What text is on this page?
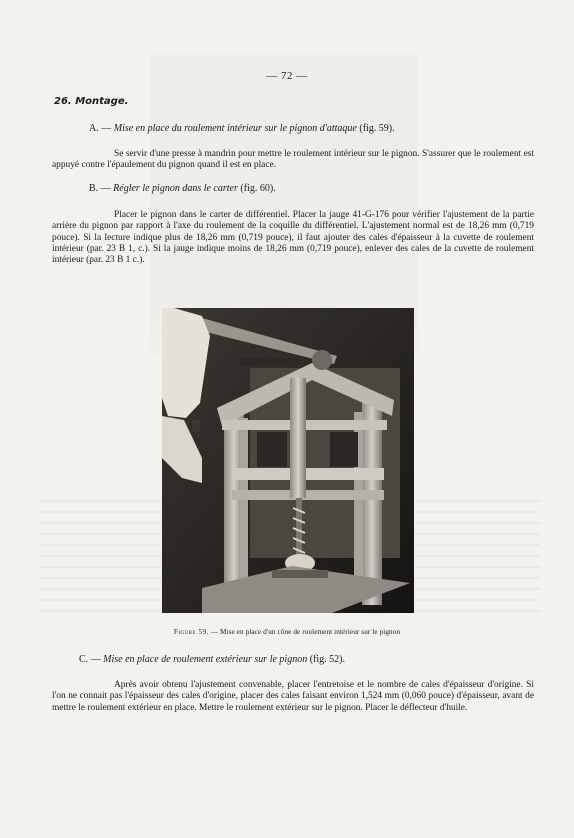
— 72 —
26. Montage.
A. — Mise en place du roulement intérieur sur le pignon d'attaque (fig. 59).
Se servir d'une presse à mandrin pour mettre le roulement intérieur sur le pignon. S'assurer que le roulement est appuyé contre l'épaulement du pignon quand il est en place.
B. — Régler le pignon dans le carter (fig. 60).
Placer le pignon dans le carter de différentiel. Placer la jauge 41-G-176 pour vérifier l'ajustement de la partie arrière du pignon par rapport à l'axe du roulement de la coquille du différentiel. L'ajustement normal est de 18,26 mm (0,719 pouce). Si la lecture indique plus de 18,26 mm (0,719 pouce), il faut ajouter des cales d'épaisseur à la cuvette de roulement intérieur (par. 23 B 1, c.). Si la jauge indique moins de 18,26 mm (0,719 pouce), enlever des cales de la cuvette de roulement intérieur (par. 23 B 1 c.).
Figure 59. — Mise en place d'un cône de roulement intérieur sur le pignon
C. — Mise en place de roulement extérieur sur le pignon (fig. 52).
Après avoir obtenu l'ajustement convenable, placer l'entretoise et le nombre de cales d'épaisseur d'origine. Si l'on ne connait pas l'épaisseur des cales d'origine, placer des cales faisant environ 1,524 mm (0,060 pouce) d'épaisseur, avant de mettre le roulement extérieur en place. Mettre le roulement extérieur sur le pignon. Placer le déflecteur d'huile.
